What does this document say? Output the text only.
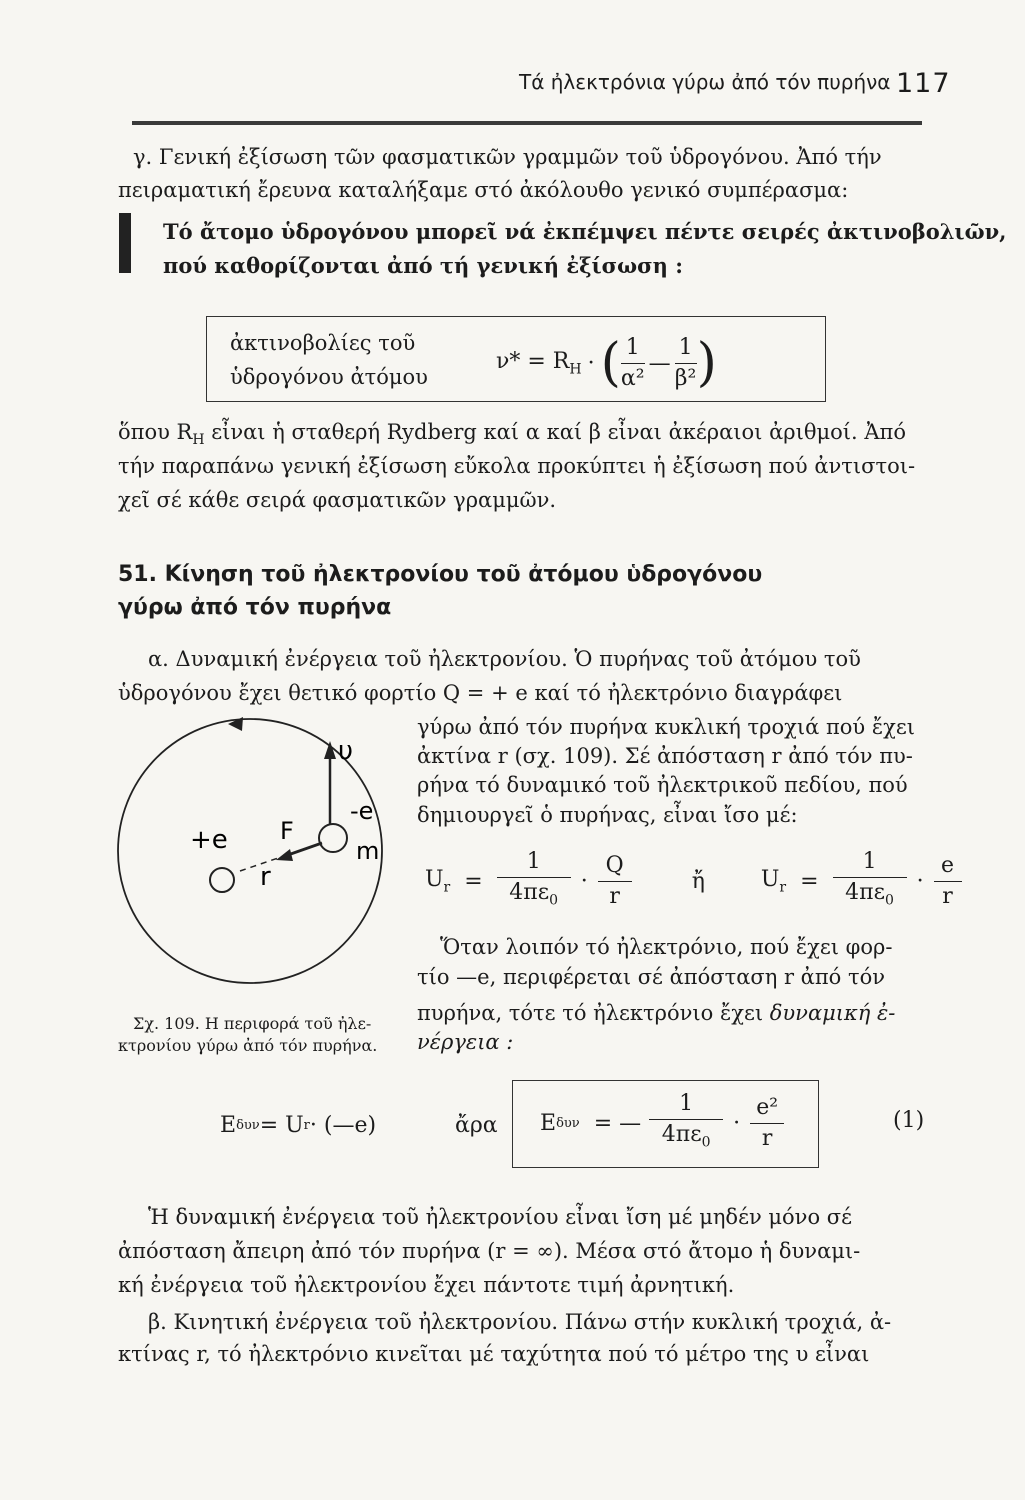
Τά ἠλεκτρόνια γύρω ἀπό τόν πυρήνα 117
γ. Γενική ἐξίσωση τῶν φασματικῶν γραμμῶν τοῦ ὑδρογόνου. Ἀπό τήν
πειραματική ἔρευνα καταλήξαμε στό ἀκόλουθο γενικό συμπέρασμα:
Τό ἄτομο ὑδρογόνου μπορεῖ νά ἐκπέμψει πέντε σειρές ἀκτινοβολιῶν,
πού καθορίζονται ἀπό τή γενική ἐξίσωση :
ἀκτινοβολίες τοῦ
ὑδρογόνου ἀτόμου
$\nu* = R_H$ · ( $\frac{1}{\text{α²}}$ — $\frac{1}{\text{β²}}$ )
ὅπου $R_H$ εἶναι ἡ σταθερή Rydberg καί α καί β εἶναι ἀκέραιοι ἀριθμοί. Ἀπό
τήν παραπάνω γενική ἐξίσωση εὔκολα προκύπτει ἡ ἐξίσωση πού ἀντιστοι-
χεῖ σέ κάθε σειρά φασματικῶν γραμμῶν.
51. Κίνηση τοῦ ἠλεκτρονίου τοῦ ἀτόμου ὑδρογόνου
γύρω ἀπό τόν πυρήνα
α. Δυναμική ἐνέργεια τοῦ ἠλεκτρονίου. Ὁ πυρήνας τοῦ ἀτόμου τοῦ
ὑδρογόνου ἔχει θετικό φορτίο Q = + e καί τό ἠλεκτρόνιο διαγράφει
γύρω ἀπό τόν πυρήνα κυκλική τροχιά πού ἔχει
ἀκτίνα r (σχ. 109). Σέ ἀπόσταση r ἀπό τόν πυ-
ρήνα τό δυναμικό τοῦ ἠλεκτρικοῦ πεδίου, πού
δημιουργεῖ ὁ πυρήνας, εἶναι ἴσο μέ:
υ
-e
m
F
+e
r
Σχ. 109. Η περιφορά τοῦ ἠλε-
κτρονίου γύρω ἀπό τόν πυρήνα.
$U_r = \frac{1}{4\pi\varepsilon_0} \cdot \frac{Q}{r}$	ἤ	$U_r = \frac{1}{4\pi\varepsilon_0} \cdot \frac{e}{r}$
Ὅταν λοιπόν τό ἠλεκτρόνιο, πού ἔχει φορ-
τίο —e, περιφέρεται σέ ἀπόσταση r ἀπό τόν
πυρήνα, τότε τό ἠλεκτρόνιο ἔχει δυναμική ἐ-
νέργεια :
E δυν = U r · (—e)	ἄρα E δυν = — $\frac{1}{4\pi\varepsilon_0} \cdot \frac{\text{e²}}{r}$	(1)
Ἡ δυναμική ἐνέργεια τοῦ ἠλεκτρονίου εἶναι ἴση μέ μηδέν μόνο σέ
ἀπόσταση ἄπειρη ἀπό τόν πυρήνα (r = ∞). Μέσα στό ἄτομο ἡ δυναμι-
κή ἐνέργεια τοῦ ἠλεκτρονίου ἔχει πάντοτε τιμή ἀρνητική.
β. Κινητική ἐνέργεια τοῦ ἠλεκτρονίου. Πάνω στήν κυκλική τροχιά, ἀ-
κτίνας r, τό ἠλεκτρόνιο κινεῖται μέ ταχύτητα πού τό μέτρο της υ εἶναι
